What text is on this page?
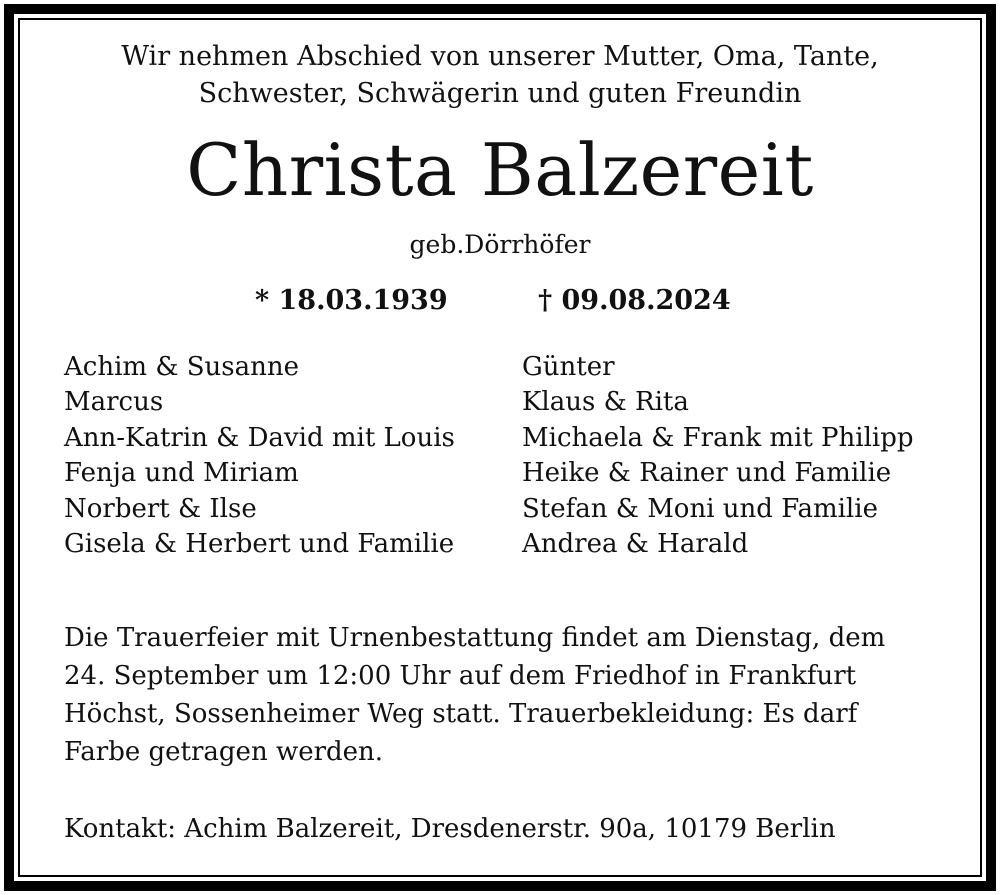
Wir nehmen Abschied von unserer Mutter, Oma, Tante,
Schwester, Schwägerin und guten Freundin
Christa Balzereit
geb.Dörrhöfer
* 18.03.1939	† 09.08.2024
Achim & Susanne
Marcus
Ann-Katrin & David mit Louis
Fenja und Miriam
Norbert & Ilse
Gisela & Herbert und Familie
Günter
Klaus & Rita
Michaela & Frank mit Philipp
Heike & Rainer und Familie
Stefan & Moni und Familie
Andrea & Harald

Die Trauerfeier mit Urnenbestattung findet am Dienstag, dem
24. September um 12:00 Uhr auf dem Friedhof in Frankfurt
Höchst, Sossenheimer Weg statt. Trauerbekleidung: Es darf
Farbe getragen werden.

Kontakt: Achim Balzereit, Dresdenerstr. 90a, 10179 Berlin
